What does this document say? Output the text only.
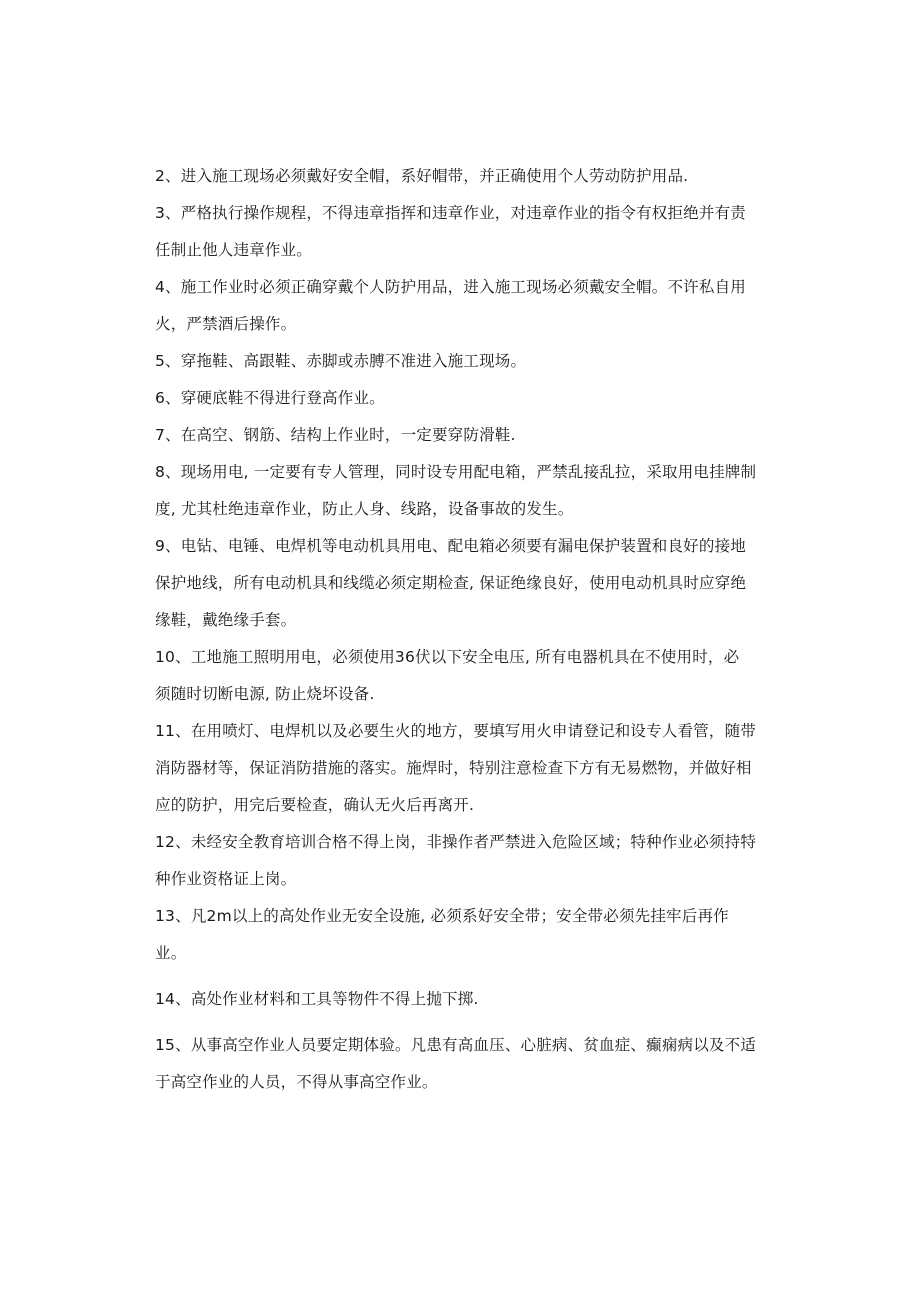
2、进入施工现场必须戴好安全帽，系好帽带，并正确使用个人劳动防护用品.

3、严格执行操作规程，不得违章指挥和违章作业，对违章作业的指令有权拒绝并有责

任制止他人违章作业。

4、施工作业时必须正确穿戴个人防护用品，进入施工现场必须戴安全帽。不许私自用

火，严禁酒后操作。

5、穿拖鞋、高跟鞋、赤脚或赤膊不准进入施工现场。

6、穿硬底鞋不得进行登高作业。

7、在高空、钢筋、结构上作业时，一定要穿防滑鞋.

8、现场用电, 一定要有专人管理，同时设专用配电箱，严禁乱接乱拉，采取用电挂牌制

度, 尤其杜绝违章作业，防止人身、线路，设备事故的发生。

9、电钻、电锤、电焊机等电动机具用电、配电箱必须要有漏电保护装置和良好的接地

保护地线，所有电动机具和线缆必须定期检查, 保证绝缘良好，使用电动机具时应穿绝

缘鞋，戴绝缘手套。

10、工地施工照明用电，必须使用36伏以下安全电压, 所有电器机具在不使用时，必

须随时切断电源, 防止烧坏设备.

11、在用喷灯、电焊机以及必要生火的地方，要填写用火申请登记和设专人看管，随带

消防器材等，保证消防措施的落实。施焊时，特别注意检查下方有无易燃物，并做好相

应的防护，用完后要检查，确认无火后再离开.

12、未经安全教育培训合格不得上岗，非操作者严禁进入危险区域；特种作业必须持特

种作业资格证上岗。

13、凡2m以上的高处作业无安全设施, 必须系好安全带；安全带必须先挂牢后再作

业。

14、高处作业材料和工具等物件不得上抛下掷.

15、从事高空作业人员要定期体验。凡患有高血压、心脏病、贫血症、癫痫病以及不适

于高空作业的人员，不得从事高空作业。
